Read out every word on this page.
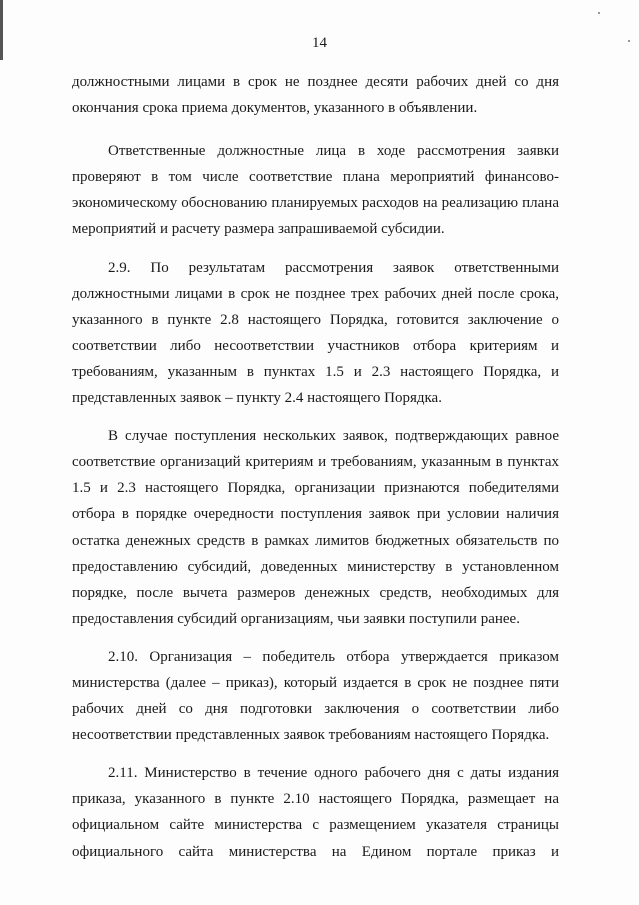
14

должностными лицами в срок не позднее десяти рабочих дней со дня окончания срока приема документов, указанного в объявлении.

Ответственные должностные лица в ходе рассмотрения заявки проверяют в том числе соответствие плана мероприятий финансово-экономическому обоснованию планируемых расходов на реализацию плана мероприятий и расчету размера запрашиваемой субсидии.

2.9. По результатам рассмотрения заявок ответственными должностными лицами в срок не позднее трех рабочих дней после срока, указанного в пункте 2.8 настоящего Порядка, готовится заключение о соответствии либо несоответствии участников отбора критериям и требованиям, указанным в пунктах 1.5 и 2.3 настоящего Порядка, и представленных заявок – пункту 2.4 настоящего Порядка.

В случае поступления нескольких заявок, подтверждающих равное соответствие организаций критериям и требованиям, указанным в пунктах 1.5 и 2.3 настоящего Порядка, организации признаются победителями отбора в порядке очередности поступления заявок при условии наличия остатка денежных средств в рамках лимитов бюджетных обязательств по предоставлению субсидий, доведенных министерству в установленном порядке, после вычета размеров денежных средств, необходимых для предоставления субсидий организациям, чьи заявки поступили ранее.

2.10. Организация – победитель отбора утверждается приказом министерства (далее – приказ), который издается в срок не позднее пяти рабочих дней со дня подготовки заключения о соответствии либо несоответствии представленных заявок требованиям настоящего Порядка.

2.11. Министерство в течение одного рабочего дня с даты издания приказа, указанного в пункте 2.10 настоящего Порядка, размещает на официальном сайте министерства с размещением указателя страницы официального сайта министерства на Едином портале приказ и
